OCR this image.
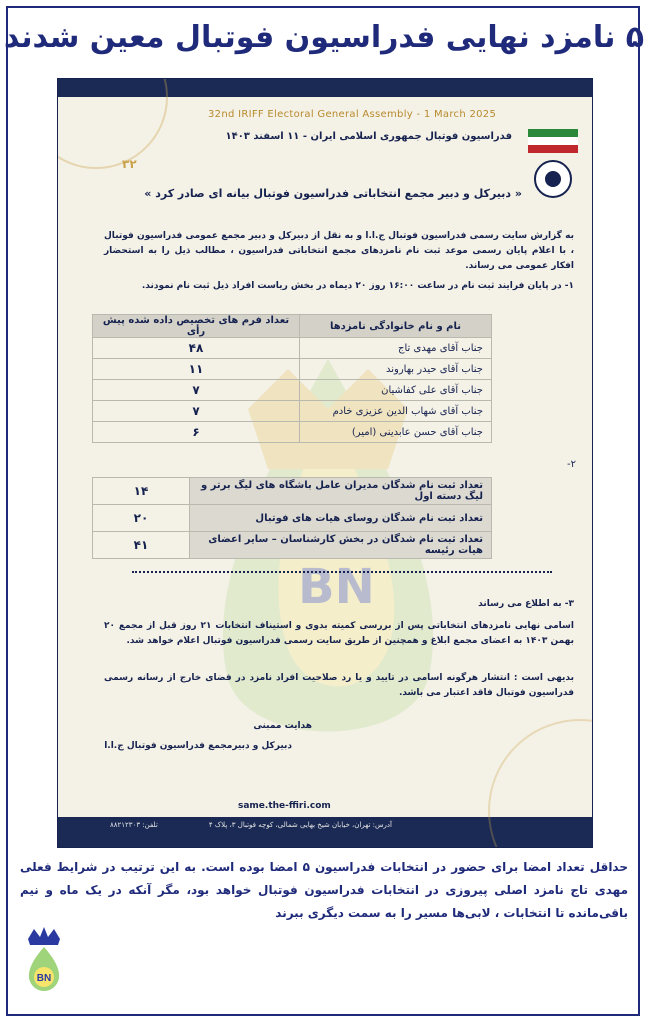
۵ نامزد نهایی فدراسیون فوتبال معین شدند
BN
32nd IRIFF Electoral General Assembly - 1 March 2025
فدراسیون فوتبال جمهوری اسلامی ایران - ۱۱ اسفند ۱۴۰۳
۳۲
« دبیرکل و دبیر مجمع انتخاباتی فدراسیون فوتبال بیانه ای صادر کرد »
به گزارش سایت رسمی فدراسیون فوتبال ج.ا.ا و به نقل از دبیرکل و دبیر مجمع عمومی فدراسیون فوتبال ، با اعلام پایان رسمی موعد ثبت نام نامزدهای مجمع انتخاباتی فدراسیون ، مطالب ذیل را به استحضار افکار عمومی می رساند.
۱- در پایان فرایند ثبت نام در ساعت ۱۶:۰۰ روز ۲۰ دیماه در بخش ریاست افراد ذیل ثبت نام نمودند.
نام و نام خانوادگی نامزدها	تعداد فرم های تخصیص داده شده پیش رأی
جناب آقای مهدی تاج	۴۸
جناب آقای حیدر بهاروند	۱۱
جناب آقای علی کفاشیان	۷
جناب آقای شهاب الدین عزیزی خادم	۷
جناب آقای حسن عابدینی (امیر)	۶
۲-
تعداد ثبت نام شدگان مدیران عامل باشگاه های لیگ برتر و لیگ دسته اول	۱۴
تعداد ثبت نام شدگان روسای هیات های فوتبال	۲۰
تعداد ثبت نام شدگان در بخش کارشناسان – سایر اعضای هیات رئیسه	۴۱
۳- به اطلاع می رساند
اسامی نهایی نامزدهای انتخاباتی پس از بررسی کمیته بدوی و استیناف انتخابات ۲۱ روز قبل از مجمع ۲۰ بهمن ۱۴۰۳ به اعضای مجمع ابلاغ و همچنین از طریق سایت رسمی فدراسیون فوتبال اعلام خواهد شد.
بدیهی است : انتشار هرگونه اسامی در تایید و یا رد صلاحیت افراد نامزد در فضای خارج از رسانه رسمی فدراسیون فوتبال فاقد اعتبار می باشد.
هدایت ممبنی
دبیرکل و دبیرمجمع فدراسیون فوتبال ج.ا.ا
same.the-ffiri.com
آدرس: تهران، خیابان شیخ بهایی شمالی، کوچه فوتبال ۳، پلاک ۴
تلفن: ۸۸۲۱۲۳۰۳
حداقل تعداد امضا برای حضور در انتخابات فدراسیون ۵ امضا بوده است. به این ترتیب در شرایط فعلی مهدی تاج نامزد اصلی پیروزی در انتخابات فدراسیون فوتبال خواهد بود، مگر آنکه در یک ماه و نیم باقی‌مانده تا انتخابات ، لابی‌ها مسیر را به سمت دیگری ببرند
BN
